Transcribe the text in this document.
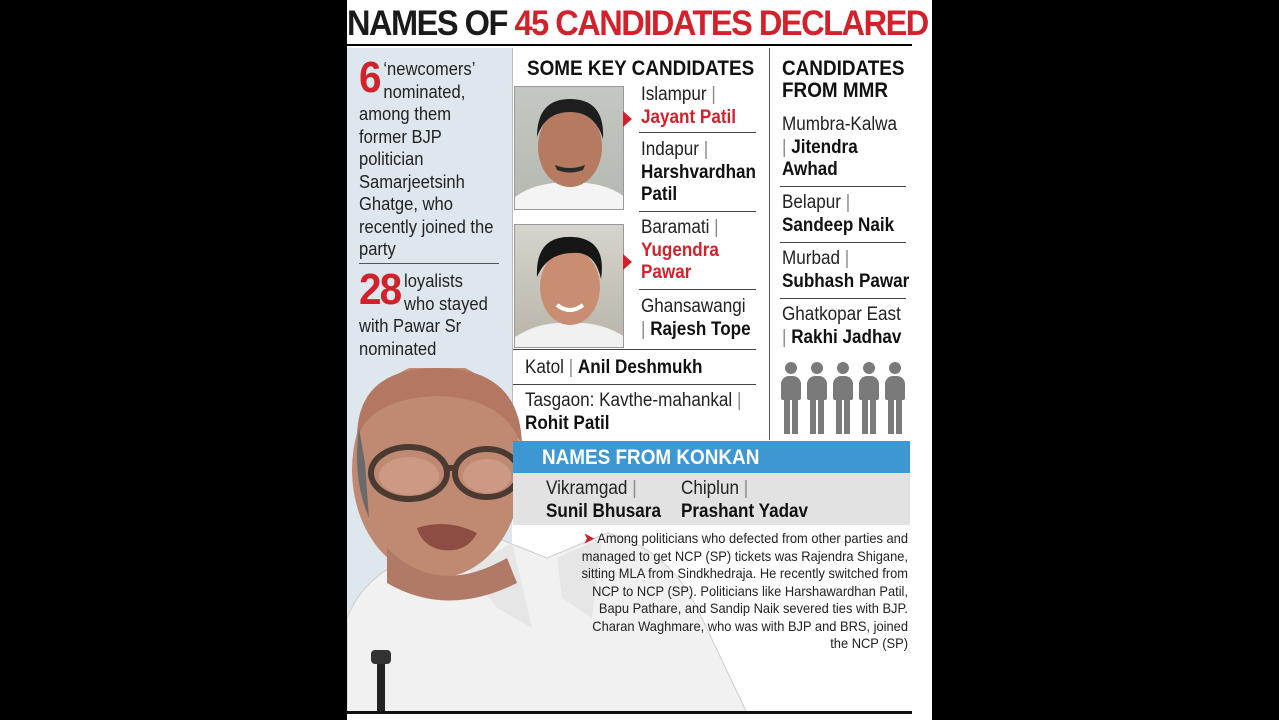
NAMES OF 45 CANDIDATES DECLARED
6 ‘newcomers’ nominated, among them former BJP politician Samarjeetsinh Ghatge, who recently joined the party
28 loyalists who stayed with Pawar Sr nominated
SOME KEY CANDIDATES
Islampur |
Jayant Patil
Indapur |
Harshvardhan Patil
Baramati |
Yugendra Pawar
Ghansawangi
| Rajesh Tope
Katol | Anil Deshmukh
Tasgaon: Kavthe-mahankal |
Rohit Patil
CANDIDATES
FROM MMR
Mumbra-Kalwa
| Jitendra Awhad
Belapur |
Sandeep Naik
Murbad |
Subhash Pawar
Ghatkopar East
| Rakhi Jadhav
NAMES FROM KONKAN
Vikramgad |
Sunil Bhusara
Chiplun |
Prashant Yadav
➤ Among politicians who defected from other parties and managed to get NCP (SP) tickets was Rajendra Shigane, sitting MLA from Sindkhedraja. He recently switched from NCP to NCP (SP). Politicians like Harshawardhan Patil, Bapu Pathare, and Sandip Naik severed ties with BJP. Charan Waghmare, who was with BJP and BRS, joined the NCP (SP)
